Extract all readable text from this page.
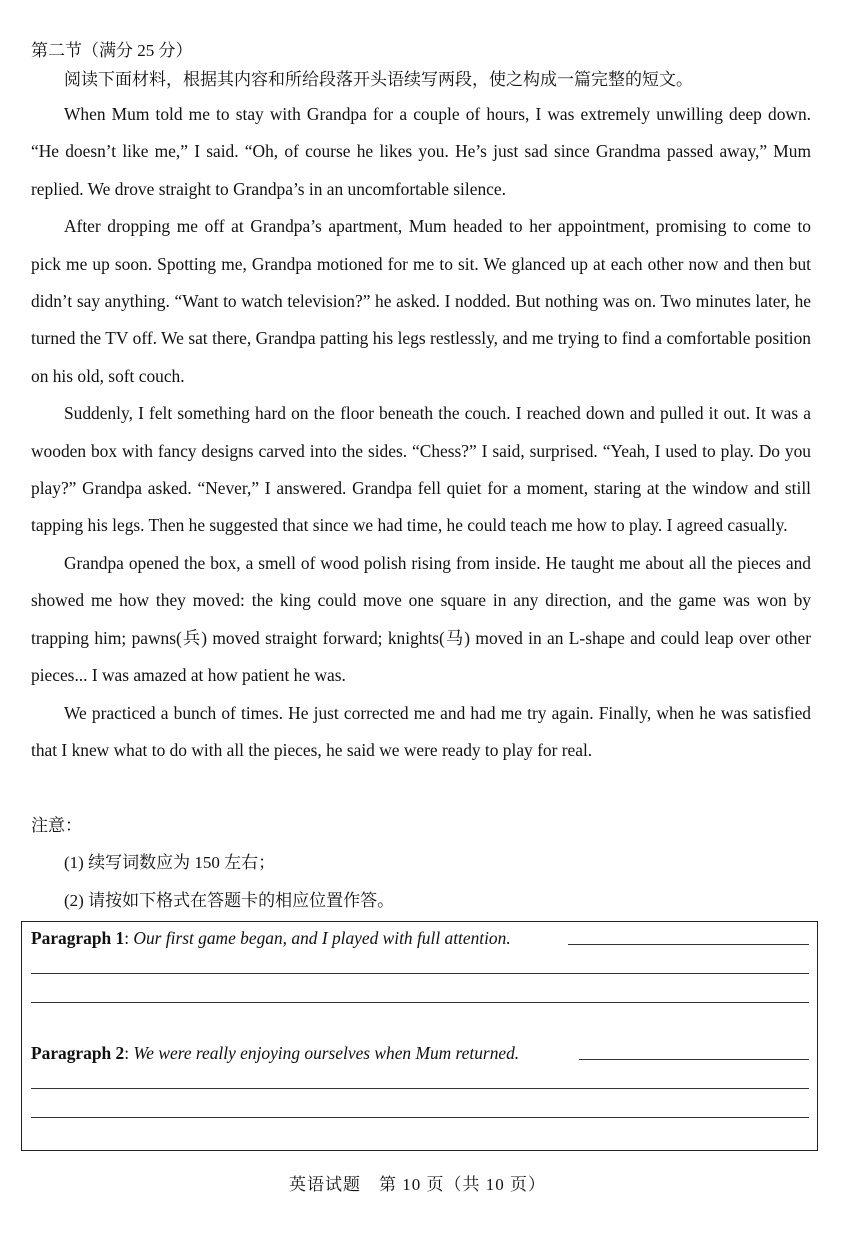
第二节（满分 25 分）
阅读下面材料，根据其内容和所给段落开头语续写两段，使之构成一篇完整的短文。

When Mum told me to stay with Grandpa for a couple of hours, I was extremely unwilling deep down. “He doesn’t like me,” I said. “Oh, of course he likes you. He’s just sad since Grandma passed away,” Mum replied. We drove straight to Grandpa’s in an uncomfortable silence.

After dropping me off at Grandpa’s apartment, Mum headed to her appointment, promising to come to pick me up soon. Spotting me, Grandpa motioned for me to sit. We glanced up at each other now and then but didn’t say anything. “Want to watch television?” he asked. I nodded. But nothing was on. Two minutes later, he turned the TV off. We sat there, Grandpa patting his legs restlessly, and me trying to find a comfortable position on his old, soft couch.

Suddenly, I felt something hard on the floor beneath the couch. I reached down and pulled it out. It was a wooden box with fancy designs carved into the sides. “Chess?” I said, surprised. “Yeah, I used to play. Do you play?” Grandpa asked. “Never,” I answered. Grandpa fell quiet for a moment, staring at the window and still tapping his legs. Then he suggested that since we had time, he could teach me how to play. I agreed casually.

Grandpa opened the box, a smell of wood polish rising from inside. He taught me about all the pieces and showed me how they moved: the king could move one square in any direction, and the game was won by trapping him; pawns(兵) moved straight forward; knights(马) moved in an L-shape and could leap over other pieces... I was amazed at how patient he was.

We practiced a bunch of times. He just corrected me and had me try again. Finally, when he was satisfied that I knew what to do with all the pieces, he said we were ready to play for real.

注意：
(1) 续写词数应为 150 左右；
(2) 请按如下格式在答题卡的相应位置作答。
Paragraph 1: Our first game began, and I played with full attention.
Paragraph 2: We were really enjoying ourselves when Mum returned.
英语试题　第 10 页（共 10 页）
